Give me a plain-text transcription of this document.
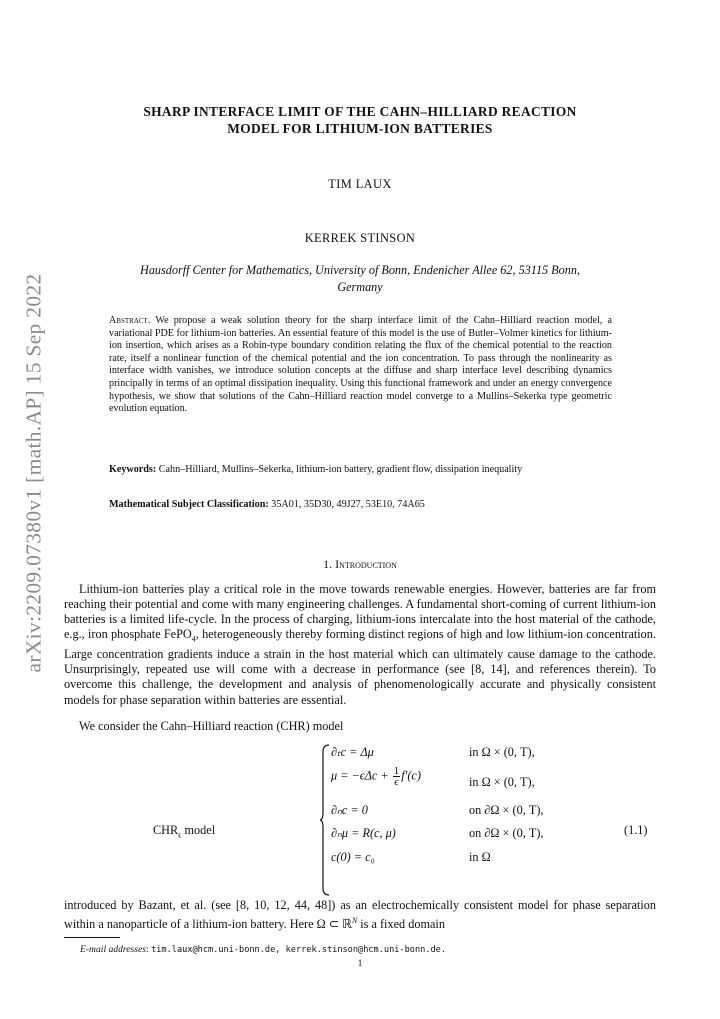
arXiv:2209.07380v1 [math.AP] 15 Sep 2022
SHARP INTERFACE LIMIT OF THE CAHN–HILLIARD REACTION
MODEL FOR LITHIUM-ION BATTERIES
TIM LAUX
KERREK STINSON
Hausdorff Center for Mathematics, University of Bonn, Endenicher Allee 62, 53115 Bonn,
Germany
Abstract. We propose a weak solution theory for the sharp interface limit of the Cahn–Hilliard reaction model, a variational PDE for lithium-ion batteries. An essential feature of this model is the use of Butler–Volmer kinetics for lithium-ion insertion, which arises as a Robin-type boundary condition relating the flux of the chemical potential to the reaction rate, itself a nonlinear function of the chemical potential and the ion concentration. To pass through the nonlinearity as interface width vanishes, we introduce solution concepts at the diffuse and sharp interface level describing dynamics principally in terms of an optimal dissipation inequality. Using this functional framework and under an energy convergence hypothesis, we show that solutions of the Cahn–Hilliard reaction model converge to a Mullins–Sekerka type geometric evolution equation.
Keywords: Cahn–Hilliard, Mullins–Sekerka, lithium-ion battery, gradient flow, dissipation inequality
Mathematical Subject Classification: 35A01, 35D30, 49J27, 53E10, 74A65
1. Introduction
Lithium-ion batteries play a critical role in the move towards renewable energies. However, batteries are far from reaching their potential and come with many engineering challenges. A fundamental short-coming of current lithium-ion batteries is a limited life-cycle. In the process of charging, lithium-ions intercalate into the host material of the cathode, e.g., iron phosphate FePO$_4$, heterogeneously thereby forming distinct regions of high and low lithium-ion concentration. Large concentration gradients induce a strain in the host material which can ultimately cause damage to the cathode. Unsurprisingly, repeated use will come with a decrease in performance (see [8, 14], and references therein). To overcome this challenge, the development and analysis of phenomenologically accurate and physically consistent models for phase separation within batteries are essential.
We consider the Cahn–Hilliard reaction (CHR) model
$CHR_\epsilon$ model
∂ₜc = Δμ	in Ω × (0, T),
$\mu = -\epsilon\Delta c + \frac{1}{\epsilon} f'(c)$	in Ω × (0, T),
∂ₙc = 0	on ∂Ω × (0, T),
∂ₙμ = R(c, μ)	on ∂Ω × (0, T),
c(0) = c₀	in Ω
(1.1)
introduced by Bazant, et al. (see [8, 10, 12, 44, 48]) as an electrochemically consistent model for phase separation within a nanoparticle of a lithium-ion battery. Here Ω ⊂ ℝ$^N$ is a fixed domain
E-mail addresses: tim.laux@hcm.uni-bonn.de, kerrek.stinson@hcm.uni-bonn.de.
1
